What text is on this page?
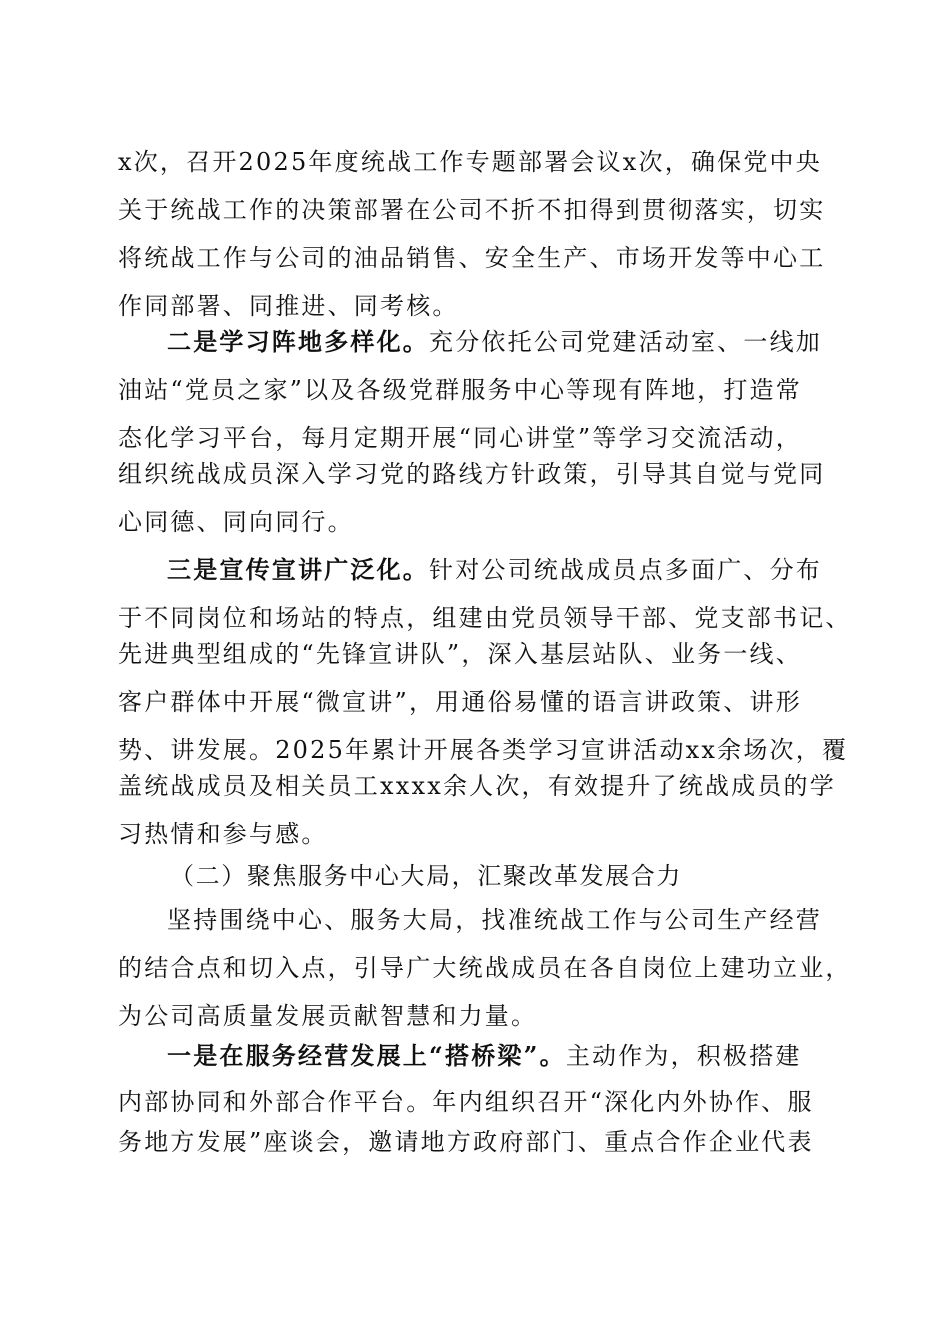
x次，召开2025年度统战工作专题部署会议x次，确保党中央
关于统战工作的决策部署在公司不折不扣得到贯彻落实，切实
将统战工作与公司的油品销售、安全生产、市场开发等中心工
作同部署、同推进、同考核。
二是学习阵地多样化。充分依托公司党建活动室、一线加
油站“党员之家”以及各级党群服务中心等现有阵地，打造常
态化学习平台，每月定期开展“同心讲堂”等学习交流活动，
组织统战成员深入学习党的路线方针政策，引导其自觉与党同
心同德、同向同行。
三是宣传宣讲广泛化。针对公司统战成员点多面广、分布
于不同岗位和场站的特点，组建由党员领导干部、党支部书记、
先进典型组成的“先锋宣讲队”，深入基层站队、业务一线、
客户群体中开展“微宣讲”，用通俗易懂的语言讲政策、讲形
势、讲发展。2025年累计开展各类学习宣讲活动xx余场次，覆
盖统战成员及相关员工xxxx余人次，有效提升了统战成员的学
习热情和参与感。
（二）聚焦服务中心大局，汇聚改革发展合力
坚持围绕中心、服务大局，找准统战工作与公司生产经营
的结合点和切入点，引导广大统战成员在各自岗位上建功立业，
为公司高质量发展贡献智慧和力量。
一是在服务经营发展上“搭桥梁”。主动作为，积极搭建
内部协同和外部合作平台。年内组织召开“深化内外协作、服
务地方发展”座谈会，邀请地方政府部门、重点合作企业代表
